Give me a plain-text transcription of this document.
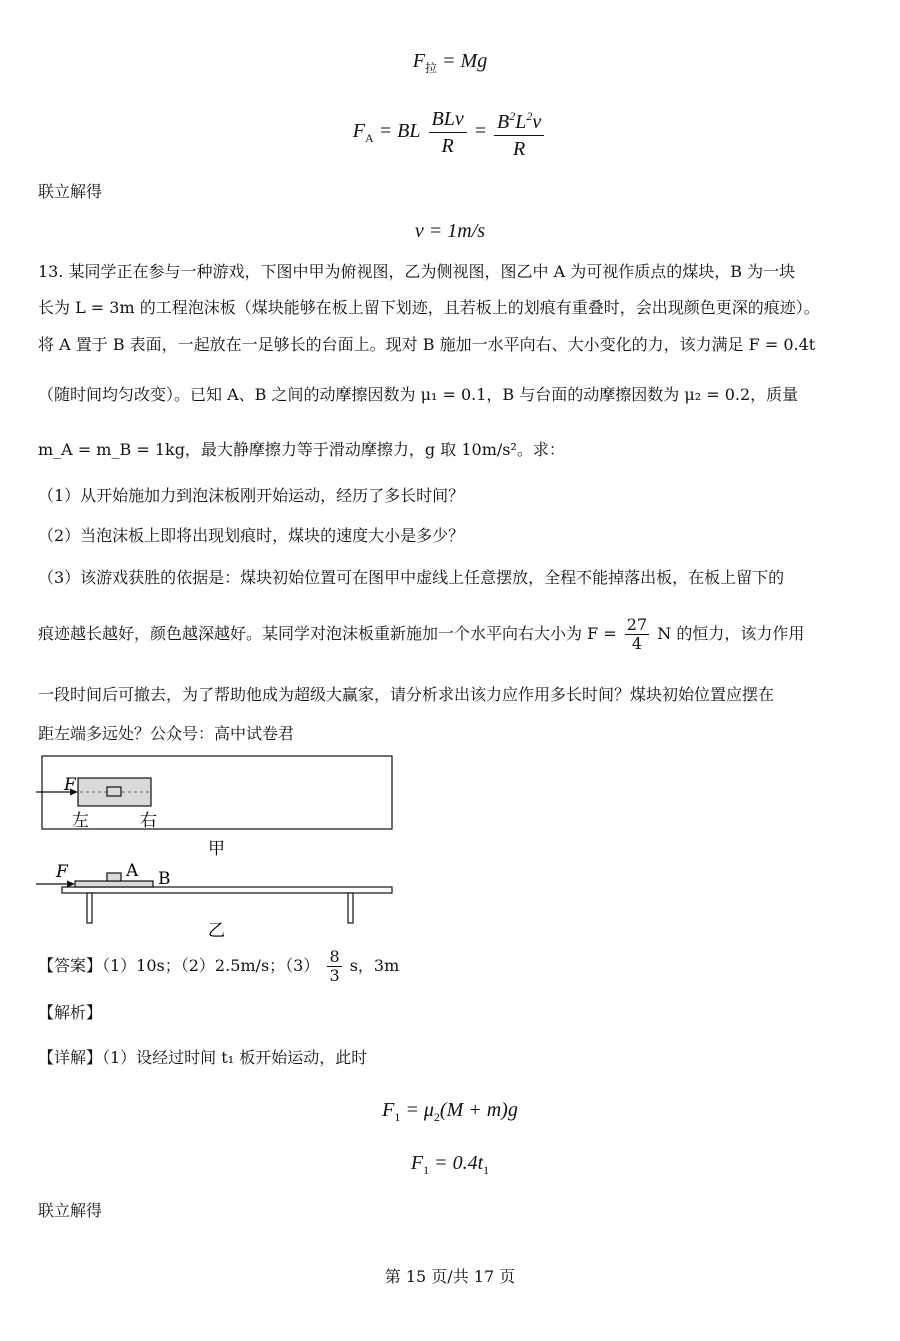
$F_拉 = Mg$
$F_A$ = BL $\frac{\text{BLv}}{R} = \frac{B^2L^2v}{R}$
联立解得
v = 1m/s
13. 某同学正在参与一种游戏，下图中甲为俯视图，乙为侧视图，图乙中 A 为可视作质点的煤块，B 为一块
长为 L = 3m 的工程泡沫板（煤块能够在板上留下划迹，且若板上的划痕有重叠时，会出现颜色更深的痕迹）。
将 A 置于 B 表面，一起放在一足够长的台面上。现对 B 施加一水平向右、大小变化的力，该力满足 F = 0.4t
（随时间均匀改变）。已知 A、B 之间的动摩擦因数为 μ₁ = 0.1，B 与台面的动摩擦因数为 μ₂ = 0.2，质量
m_A = m_B = 1kg，最大静摩擦力等于滑动摩擦力，g 取 10m/s²。求：
（1）从开始施加力到泡沫板刚开始运动，经历了多长时间？
（2）当泡沫板上即将出现划痕时，煤块的速度大小是多少？
（3）该游戏获胜的依据是：煤块初始位置可在图甲中虚线上任意摆放，全程不能掉落出板，在板上留下的
痕迹越长越好，颜色越深越好。某同学对泡沫板重新施加一个水平向右大小为 $F = \frac{27}{4}$ N 的恒力，该力作用
一段时间后可撤去，为了帮助他成为超级大赢家，请分析求出该力应作用多长时间？煤块初始位置应摆在
距左端多远处？公众号：高中试卷君
F
左	右
甲
F	A B
乙
【答案】（1）10s；（2）2.5m/s；$(3) \frac{8}{3}$ s，3m
【解析】
【详解】（1）设经过时间 t₁ 板开始运动，此时
$F_1 = \mu_2(M + m)g$
$F_1 = 0.4t_1$
联立解得
第 15 页/共 17 页
